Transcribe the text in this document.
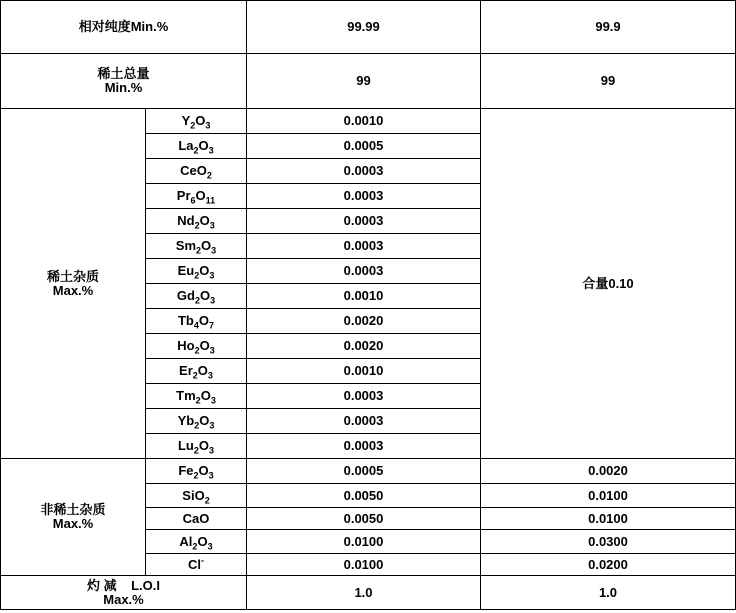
相对纯度Min.%		99.99	99.9

稀土总量
Min.%		99	99

稀土杂质
Max.%	$Y_2O_3$	0.0010	合量0.10
	$La_2O_3$	0.0005	
	CeO$_2$	0.0003	
	$Pr_6O_{11}$	0.0003	
	$Nd_2O_3$	0.0003	
	$Sm_2O_3$	0.0003	
	$Eu_2O_3$	0.0003	
	$Gd_2O_3$	0.0010	
	$Tb_4O_7$	0.0020	
	$Ho_2O_3$	0.0020	
	$Er_2O_3$	0.0010	
	$Tm_2O_3$	0.0003	
	$Yb_2O_3$	0.0003	
	$Lu_2O_3$	0.0003	

非稀土杂质
Max.%	$Fe_2O_3$	0.0005	0.0020
	SiO$_2$	0.0050	0.0100
	CaO	0.0050	0.0100
	$Al_2O_3$	0.0100	0.0300
	Cl-	0.0100	0.0200

灼 减    L.O.I
Max.%		1.0	1.0
